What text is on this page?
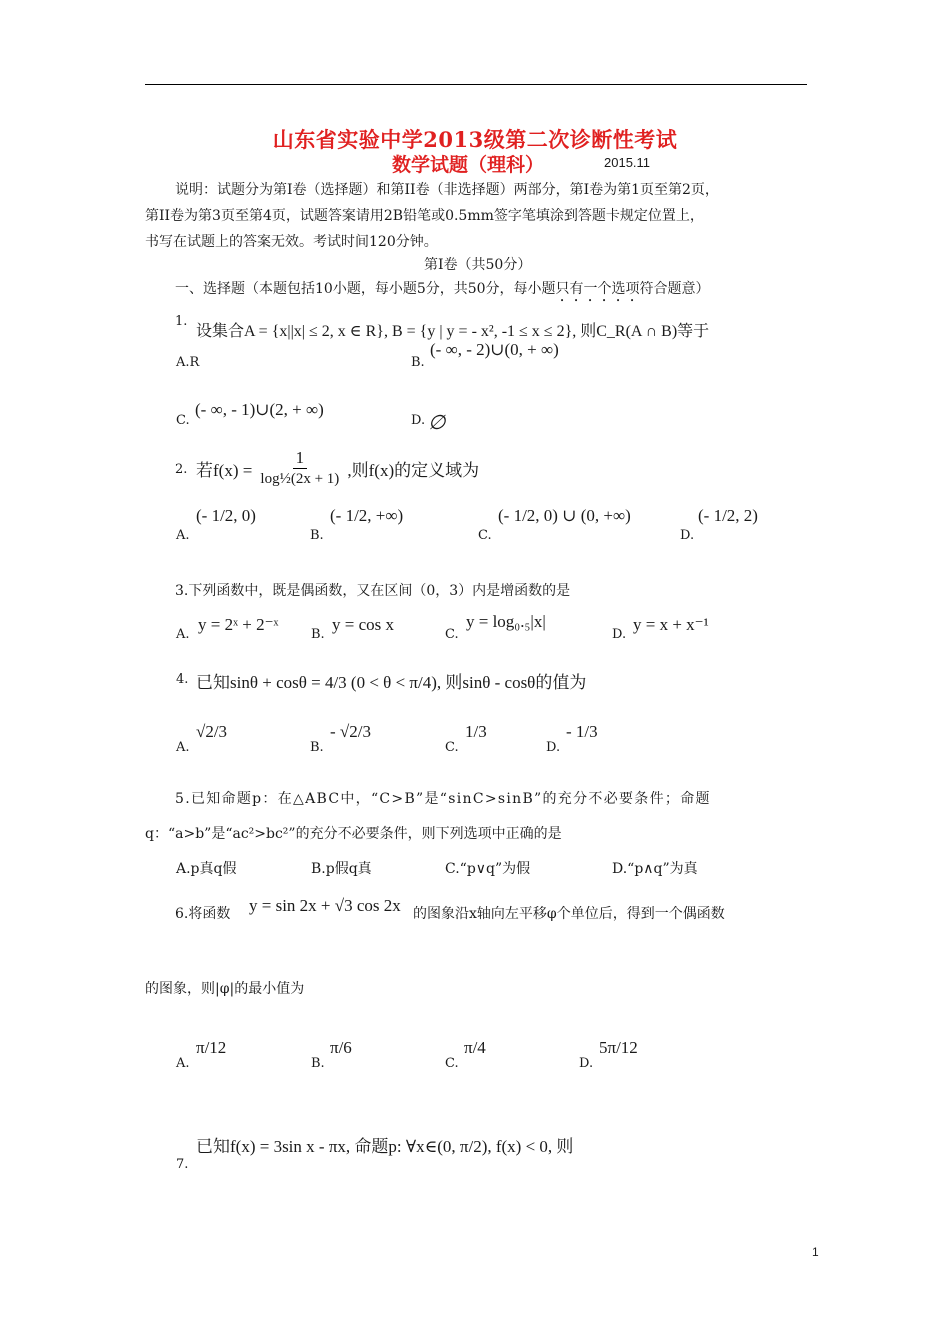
山东省实验中学2013级第二次诊断性考试
数学试题（理科）	2015.11
说明：试题分为第Ⅰ卷（选择题）和第II卷（非选择题）两部分，第Ⅰ卷为第1页至第2页，
第II卷为第3页至第4页，试题答案请用2B铅笔或0.5mm签字笔填涂到答题卡规定位置上，
书写在试题上的答案无效。考试时间120分钟。
第Ⅰ卷（共50分）
一、选择题（本题包括10小题，每小题5分，共50分，每小题只有一个选项符合题意）
1.
设集合A = {x||x| ≤ 2, x ∈ R}, B = {y | y = - x², -1 ≤ x ≤ 2}, 则C_R(A ∩ B)等于
A.R	B.
(- ∞, - 2)∪(0, + ∞)
C.
(- ∞, - 1)∪(2, + ∞)
D. ∅
2. 若$f(x) = \frac{1}{\text{log½(2x + 1)}}$ ,则f(x)的定义域为
A.
(- 1/2, 0)
B.
(- 1/2, +∞)
C.
(- 1/2, 0) ∪ (0, +∞)
D.
(- 1/2, 2)
3.下列函数中，既是偶函数，又在区间（0，3）内是增函数的是
A.
y = 2ˣ + 2⁻ˣ
B.
y = cos x
C.
y = log₀.₅|x|
D.
y = x + x⁻¹
4. 已知sinθ + cosθ = 4/3 (0 < θ < π/4), 则sinθ - cosθ的值为
A.
√2/3
B.
- √2/3
C.
1/3
D.
- 1/3
5.已知命题p：在△ABC中，“C>B”是“sinC>sinB”的充分不必要条件；命题
q：“a>b”是“ac²>bc²”的充分不必要条件，则下列选项中正确的是
A.p真q假	B.p假q真	C.“p∨q”为假	D.“p∧q”为真
6.将函数 y = sin 2x + √3 cos 2x 的图象沿x轴向左平移φ个单位后，得到一个偶函数
的图象，则|φ|的最小值为
A.
π/12
B.
π/6
C.
π/4
D.
5π/12
已知f(x) = 3sin x - πx, 命题p: ∀x∈(0, π/2), f(x) < 0, 则
7.
1
